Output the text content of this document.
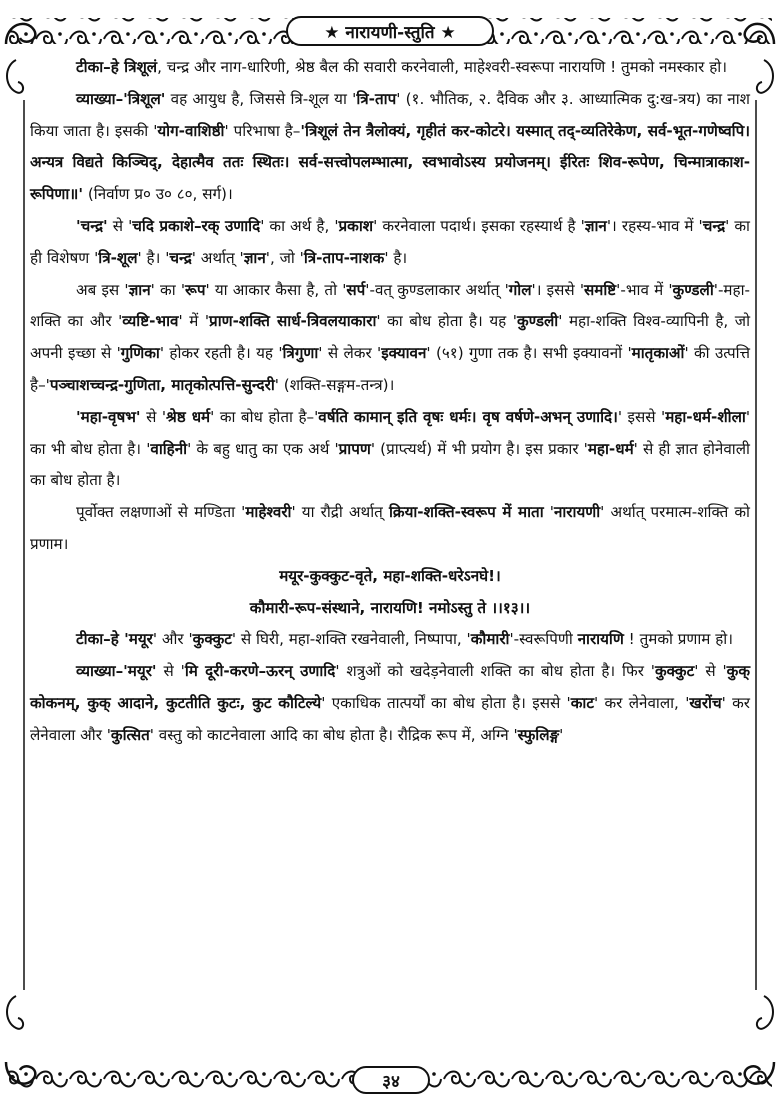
★ नारायणी-स्तुति ★

टीका–हे त्रिशूलं, चन्द्र और नाग-धारिणी, श्रेष्ठ बैल की सवारी करनेवाली, माहेश्वरी-स्वरूपा नारायणि ! तुमको नमस्कार हो।

व्याख्या–'त्रिशूल' वह आयुध है, जिससे त्रि-शूल या 'त्रि-ताप' (१. भौतिक, २. दैविक और ३. आध्यात्मिक दु:ख-त्रय) का नाश किया जाता है। इसकी 'योग-वाशिष्ठी' परिभाषा है–'त्रिशूलं तेन त्रैलोक्यं, गृहीतं कर-कोटरे। यस्मात् तद्-व्यतिरेकेण, सर्व-भूत-गणेष्वपि। अन्यत्र विद्यते किञ्चिद्, देहात्मैव ततः स्थितः। सर्व-सत्त्वोपलम्भात्मा, स्वभावोऽस्य प्रयोजनम्। ईरितः शिव-रूपेण, चिन्मात्राकाश-रूपिणा॥' (निर्वाण प्र० उ० ८०, सर्ग)।

'चन्द्र' से 'चदि प्रकाशे–रक् उणादि' का अर्थ है, 'प्रकाश' करनेवाला पदार्थ। इसका रहस्यार्थ है 'ज्ञान'। रहस्य-भाव में 'चन्द्र' का ही विशेषण 'त्रि-शूल' है। 'चन्द्र' अर्थात् 'ज्ञान', जो 'त्रि-ताप-नाशक' है।

अब इस 'ज्ञान' का 'रूप' या आकार कैसा है, तो 'सर्प'-वत् कुण्डलाकार अर्थात् 'गोल'। इससे 'समष्टि'-भाव में 'कुण्डली'-महा-शक्ति का और 'व्यष्टि-भाव' में 'प्राण-शक्ति सार्ध-त्रिवलयाकारा' का बोध होता है। यह 'कुण्डली' महा-शक्ति विश्व-व्यापिनी है, जो अपनी इच्छा से 'गुणिका' होकर रहती है। यह 'त्रिगुणा' से लेकर 'इक्यावन' (५१) गुणा तक है। सभी इक्यावनों 'मातृकाओं' की उत्पत्ति है–'पञ्चाशच्चन्द्र-गुणिता, मातृकोत्पत्ति-सुन्दरी' (शक्ति-सङ्गम-तन्त्र)।

'महा-वृषभ' से 'श्रेष्ठ धर्म' का बोध होता है–'वर्षति कामान् इति वृषः धर्मः। वृष वर्षणे-अभन् उणादि।' इससे 'महा-धर्म-शीला' का भी बोध होता है। 'वाहिनी' के बहु धातु का एक अर्थ 'प्रापण' (प्राप्त्यर्थ) में भी प्रयोग है। इस प्रकार 'महा-धर्म' से ही ज्ञात होनेवाली का बोध होता है।

पूर्वोक्त लक्षणाओं से मण्डिता 'माहेश्वरी' या रौद्री अर्थात् क्रिया-शक्ति-स्वरूप में माता 'नारायणी' अर्थात् परमात्म-शक्ति को प्रणाम।

मयूर-कुक्कुट-वृते, महा-शक्ति-धरेऽनघे!।

कौमारी-रूप-संस्थाने, नारायणि! नमोऽस्तु ते ।।१३।।

टीका–हे 'मयूर' और 'कुक्कुट' से घिरी, महा-शक्ति रखनेवाली, निष्पापा, 'कौमारी'-स्वरूपिणी नारायणि ! तुमको प्रणाम हो।

व्याख्या–'मयूर' से 'मि दूरी-करणे–ऊरन् उणादि' शत्रुओं को खदेड़नेवाली शक्ति का बोध होता है। फिर 'कुक्कुट' से 'कुक् कोकनम्, कुक् आदाने, कुटतीति कुटः, कुट कौटिल्ये' एकाधिक तात्पर्यों का बोध होता है। इससे 'काट' कर लेनेवाला, 'खरोंच' कर लेनेवाला और 'कुत्सित' वस्तु को काटनेवाला आदि का बोध होता है। रौद्रिक रूप में, अग्नि 'स्फुलिङ्ग'

३४
